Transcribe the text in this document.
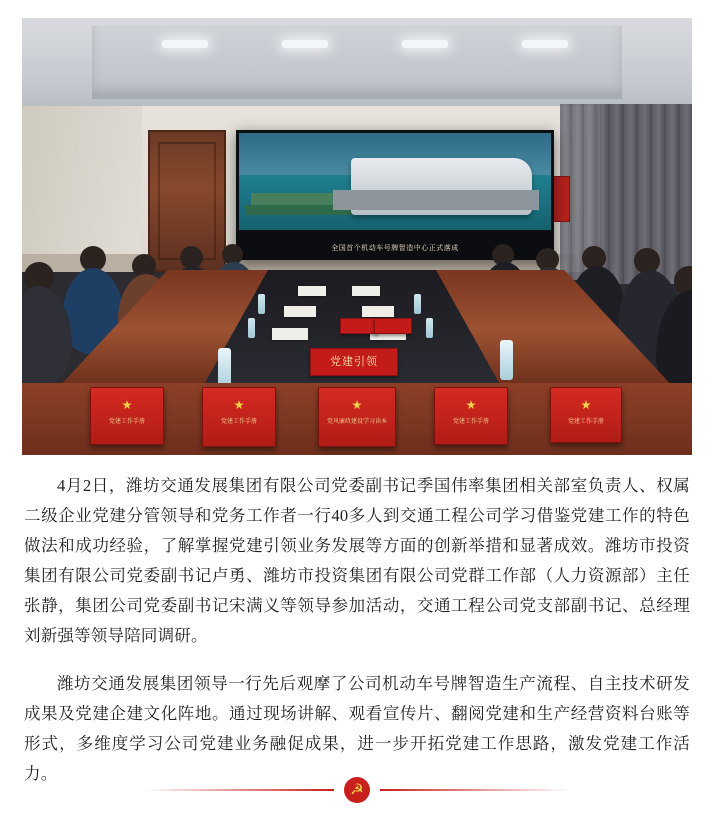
全国首个机动车号牌智造中心正式落成
党建引领
党建工作手册	党建工作手册	党风廉政建设学习读本	党建工作手册	党建工作手册

4月2日，潍坊交通发展集团有限公司党委副书记季国伟率集团相关部室负责人、权属二级企业党建分管领导和党务工作者一行40多人到交通工程公司学习借鉴党建工作的特色做法和成功经验，了解掌握党建引领业务发展等方面的创新举措和显著成效。潍坊市投资集团有限公司党委副书记卢勇、潍坊市投资集团有限公司党群工作部（人力资源部）主任张静，集团公司党委副书记宋满义等领导参加活动，交通工程公司党支部副书记、总经理刘新强等领导陪同调研。

潍坊交通发展集团领导一行先后观摩了公司机动车号牌智造生产流程、自主技术研发成果及党建企建文化阵地。通过现场讲解、观看宣传片、翻阅党建和生产经营资料台账等形式，多维度学习公司党建业务融促成果，进一步开拓党建工作思路，激发党建工作活力。

☭
